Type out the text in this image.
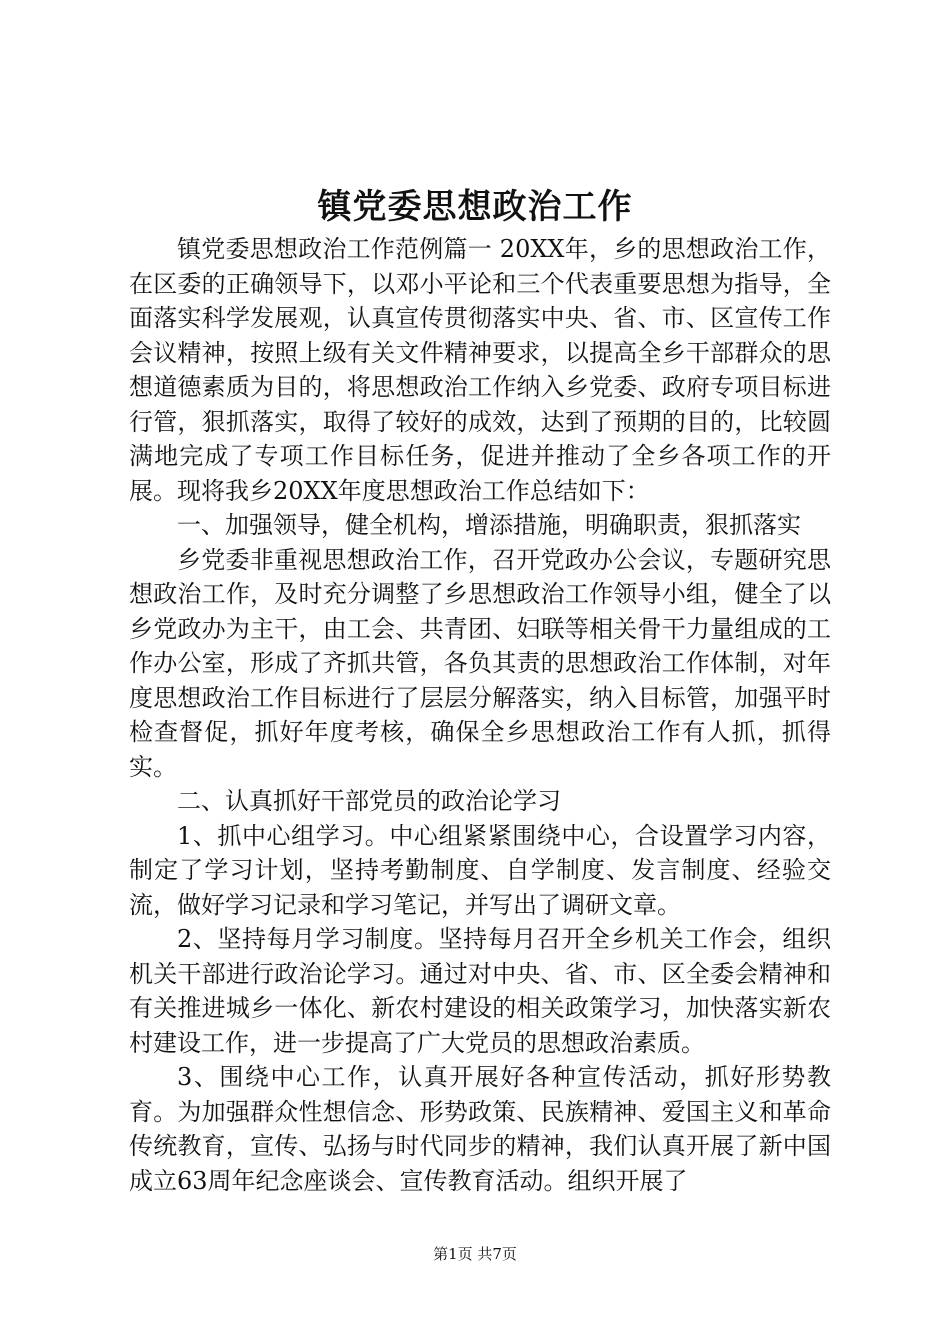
镇党委思想政治工作

镇党委思想政治工作范例篇一 20XX年，乡的思想政治工作，在区委的正确领导下，以邓小平论和三个代表重要思想为指导，全面落实科学发展观，认真宣传贯彻落实中央、省、市、区宣传工作会议精神，按照上级有关文件精神要求，以提高全乡干部群众的思想道德素质为目的，将思想政治工作纳入乡党委、政府专项目标进行管，狠抓落实，取得了较好的成效，达到了预期的目的，比较圆满地完成了专项工作目标任务，促进并推动了全乡各项工作的开展。现将我乡20XX年度思想政治工作总结如下：

一、加强领导，健全机构，增添措施，明确职责，狠抓落实

乡党委非重视思想政治工作，召开党政办公会议，专题研究思想政治工作，及时充分调整了乡思想政治工作领导小组，健全了以乡党政办为主干，由工会、共青团、妇联等相关骨干力量组成的工作办公室，形成了齐抓共管，各负其责的思想政治工作体制，对年度思想政治工作目标进行了层层分解落实，纳入目标管，加强平时检查督促，抓好年度考核，确保全乡思想政治工作有人抓，抓得实。

二、认真抓好干部党员的政治论学习

1、抓中心组学习。中心组紧紧围绕中心，合设置学习内容，制定了学习计划，坚持考勤制度、自学制度、发言制度、经验交流，做好学习记录和学习笔记，并写出了调研文章。

2、坚持每月学习制度。坚持每月召开全乡机关工作会，组织机关干部进行政治论学习。通过对中央、省、市、区全委会精神和有关推进城乡一体化、新农村建设的相关政策学习，加快落实新农村建设工作，进一步提高了广大党员的思想政治素质。

3、围绕中心工作，认真开展好各种宣传活动，抓好形势教育。为加强群众性想信念、形势政策、民族精神、爱国主义和革命传统教育，宣传、弘扬与时代同步的精神，我们认真开展了新中国成立63周年纪念座谈会、宣传教育活动。组织开展了

第1页 共7页
